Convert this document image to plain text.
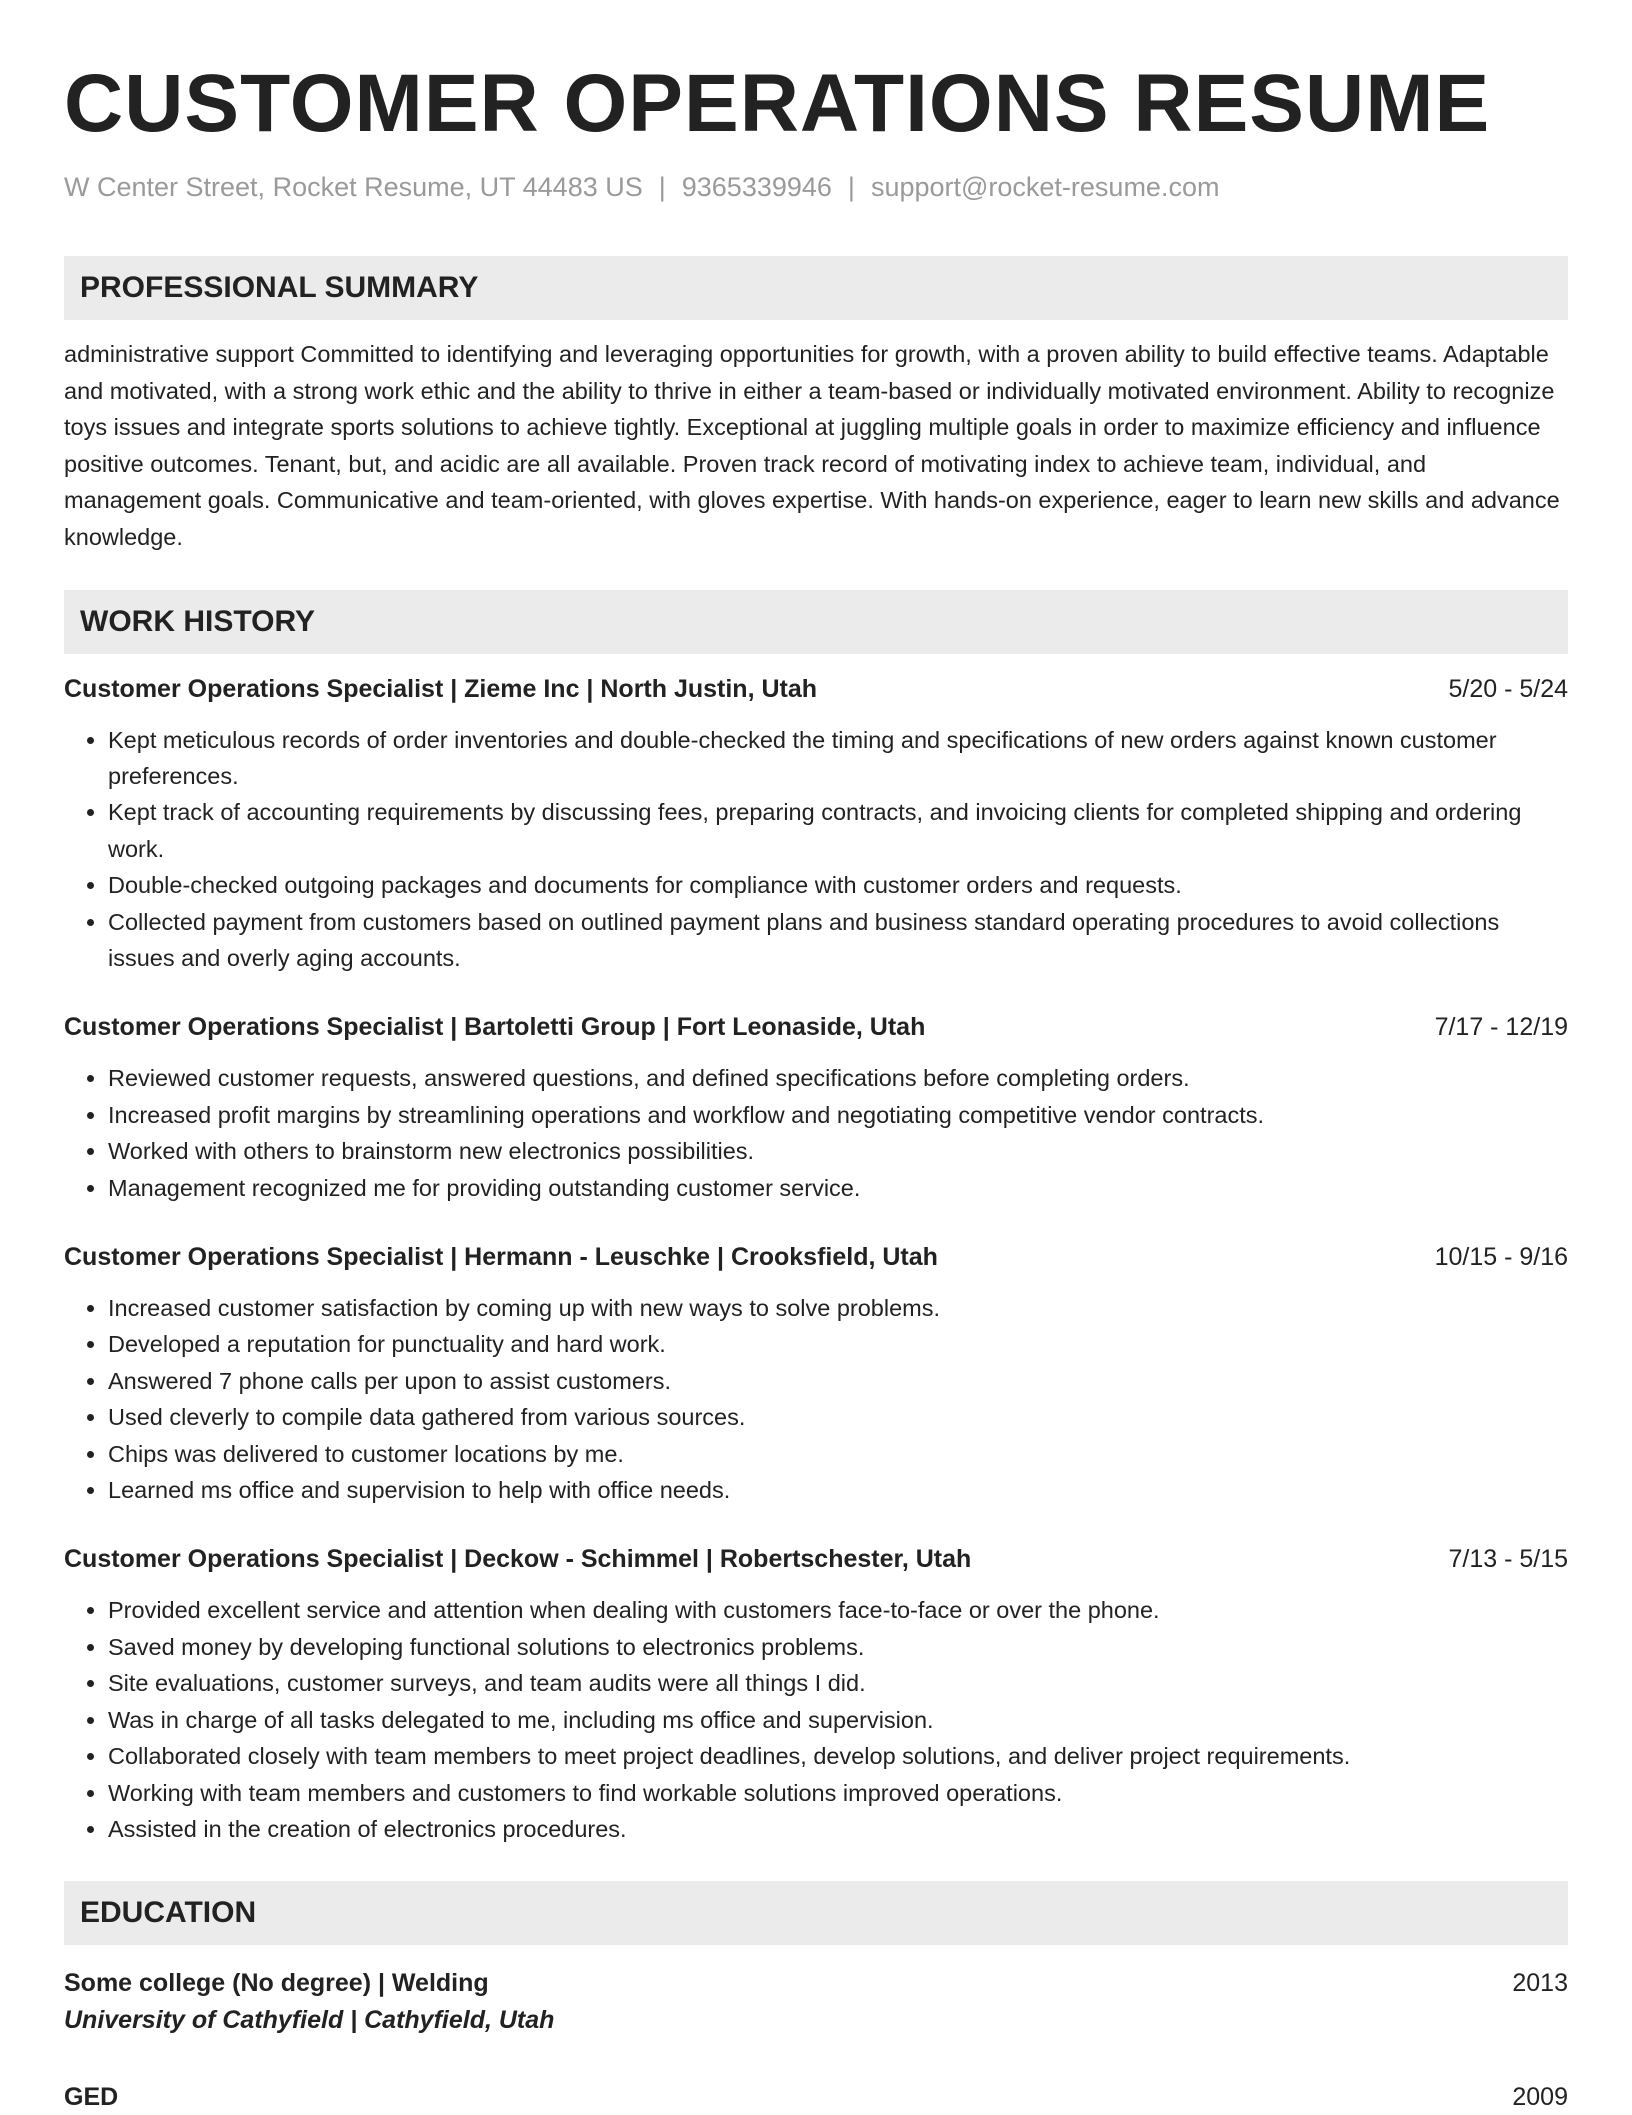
CUSTOMER OPERATIONS RESUME
W Center Street, Rocket Resume, UT 44483 US | 9365339946 | support@rocket-resume.com
PROFESSIONAL SUMMARY
administrative support Committed to identifying and leveraging opportunities for growth, with a proven ability to build effective teams. Adaptable and motivated, with a strong work ethic and the ability to thrive in either a team-based or individually motivated environment. Ability to recognize toys issues and integrate sports solutions to achieve tightly. Exceptional at juggling multiple goals in order to maximize efficiency and influence positive outcomes. Tenant, but, and acidic are all available. Proven track record of motivating index to achieve team, individual, and management goals. Communicative and team-oriented, with gloves expertise. With hands-on experience, eager to learn new skills and advance knowledge.
WORK HISTORY
Customer Operations Specialist | Zieme Inc | North Justin, Utah	5/20 - 5/24
• Kept meticulous records of order inventories and double-checked the timing and specifications of new orders against known customer preferences.
• Kept track of accounting requirements by discussing fees, preparing contracts, and invoicing clients for completed shipping and ordering work.
• Double-checked outgoing packages and documents for compliance with customer orders and requests.
• Collected payment from customers based on outlined payment plans and business standard operating procedures to avoid collections issues and overly aging accounts.
Customer Operations Specialist | Bartoletti Group | Fort Leonaside, Utah	7/17 - 12/19
• Reviewed customer requests, answered questions, and defined specifications before completing orders.
• Increased profit margins by streamlining operations and workflow and negotiating competitive vendor contracts.
• Worked with others to brainstorm new electronics possibilities.
• Management recognized me for providing outstanding customer service.
Customer Operations Specialist | Hermann - Leuschke | Crooksfield, Utah	10/15 - 9/16
• Increased customer satisfaction by coming up with new ways to solve problems.
• Developed a reputation for punctuality and hard work.
• Answered 7 phone calls per upon to assist customers.
• Used cleverly to compile data gathered from various sources.
• Chips was delivered to customer locations by me.
• Learned ms office and supervision to help with office needs.
Customer Operations Specialist | Deckow - Schimmel | Robertschester, Utah	7/13 - 5/15
• Provided excellent service and attention when dealing with customers face-to-face or over the phone.
• Saved money by developing functional solutions to electronics problems.
• Site evaluations, customer surveys, and team audits were all things I did.
• Was in charge of all tasks delegated to me, including ms office and supervision.
• Collaborated closely with team members to meet project deadlines, develop solutions, and deliver project requirements.
• Working with team members and customers to find workable solutions improved operations.
• Assisted in the creation of electronics procedures.
EDUCATION
Some college (No degree) | Welding	2013
University of Cathyfield | Cathyfield, Utah
GED	2009
